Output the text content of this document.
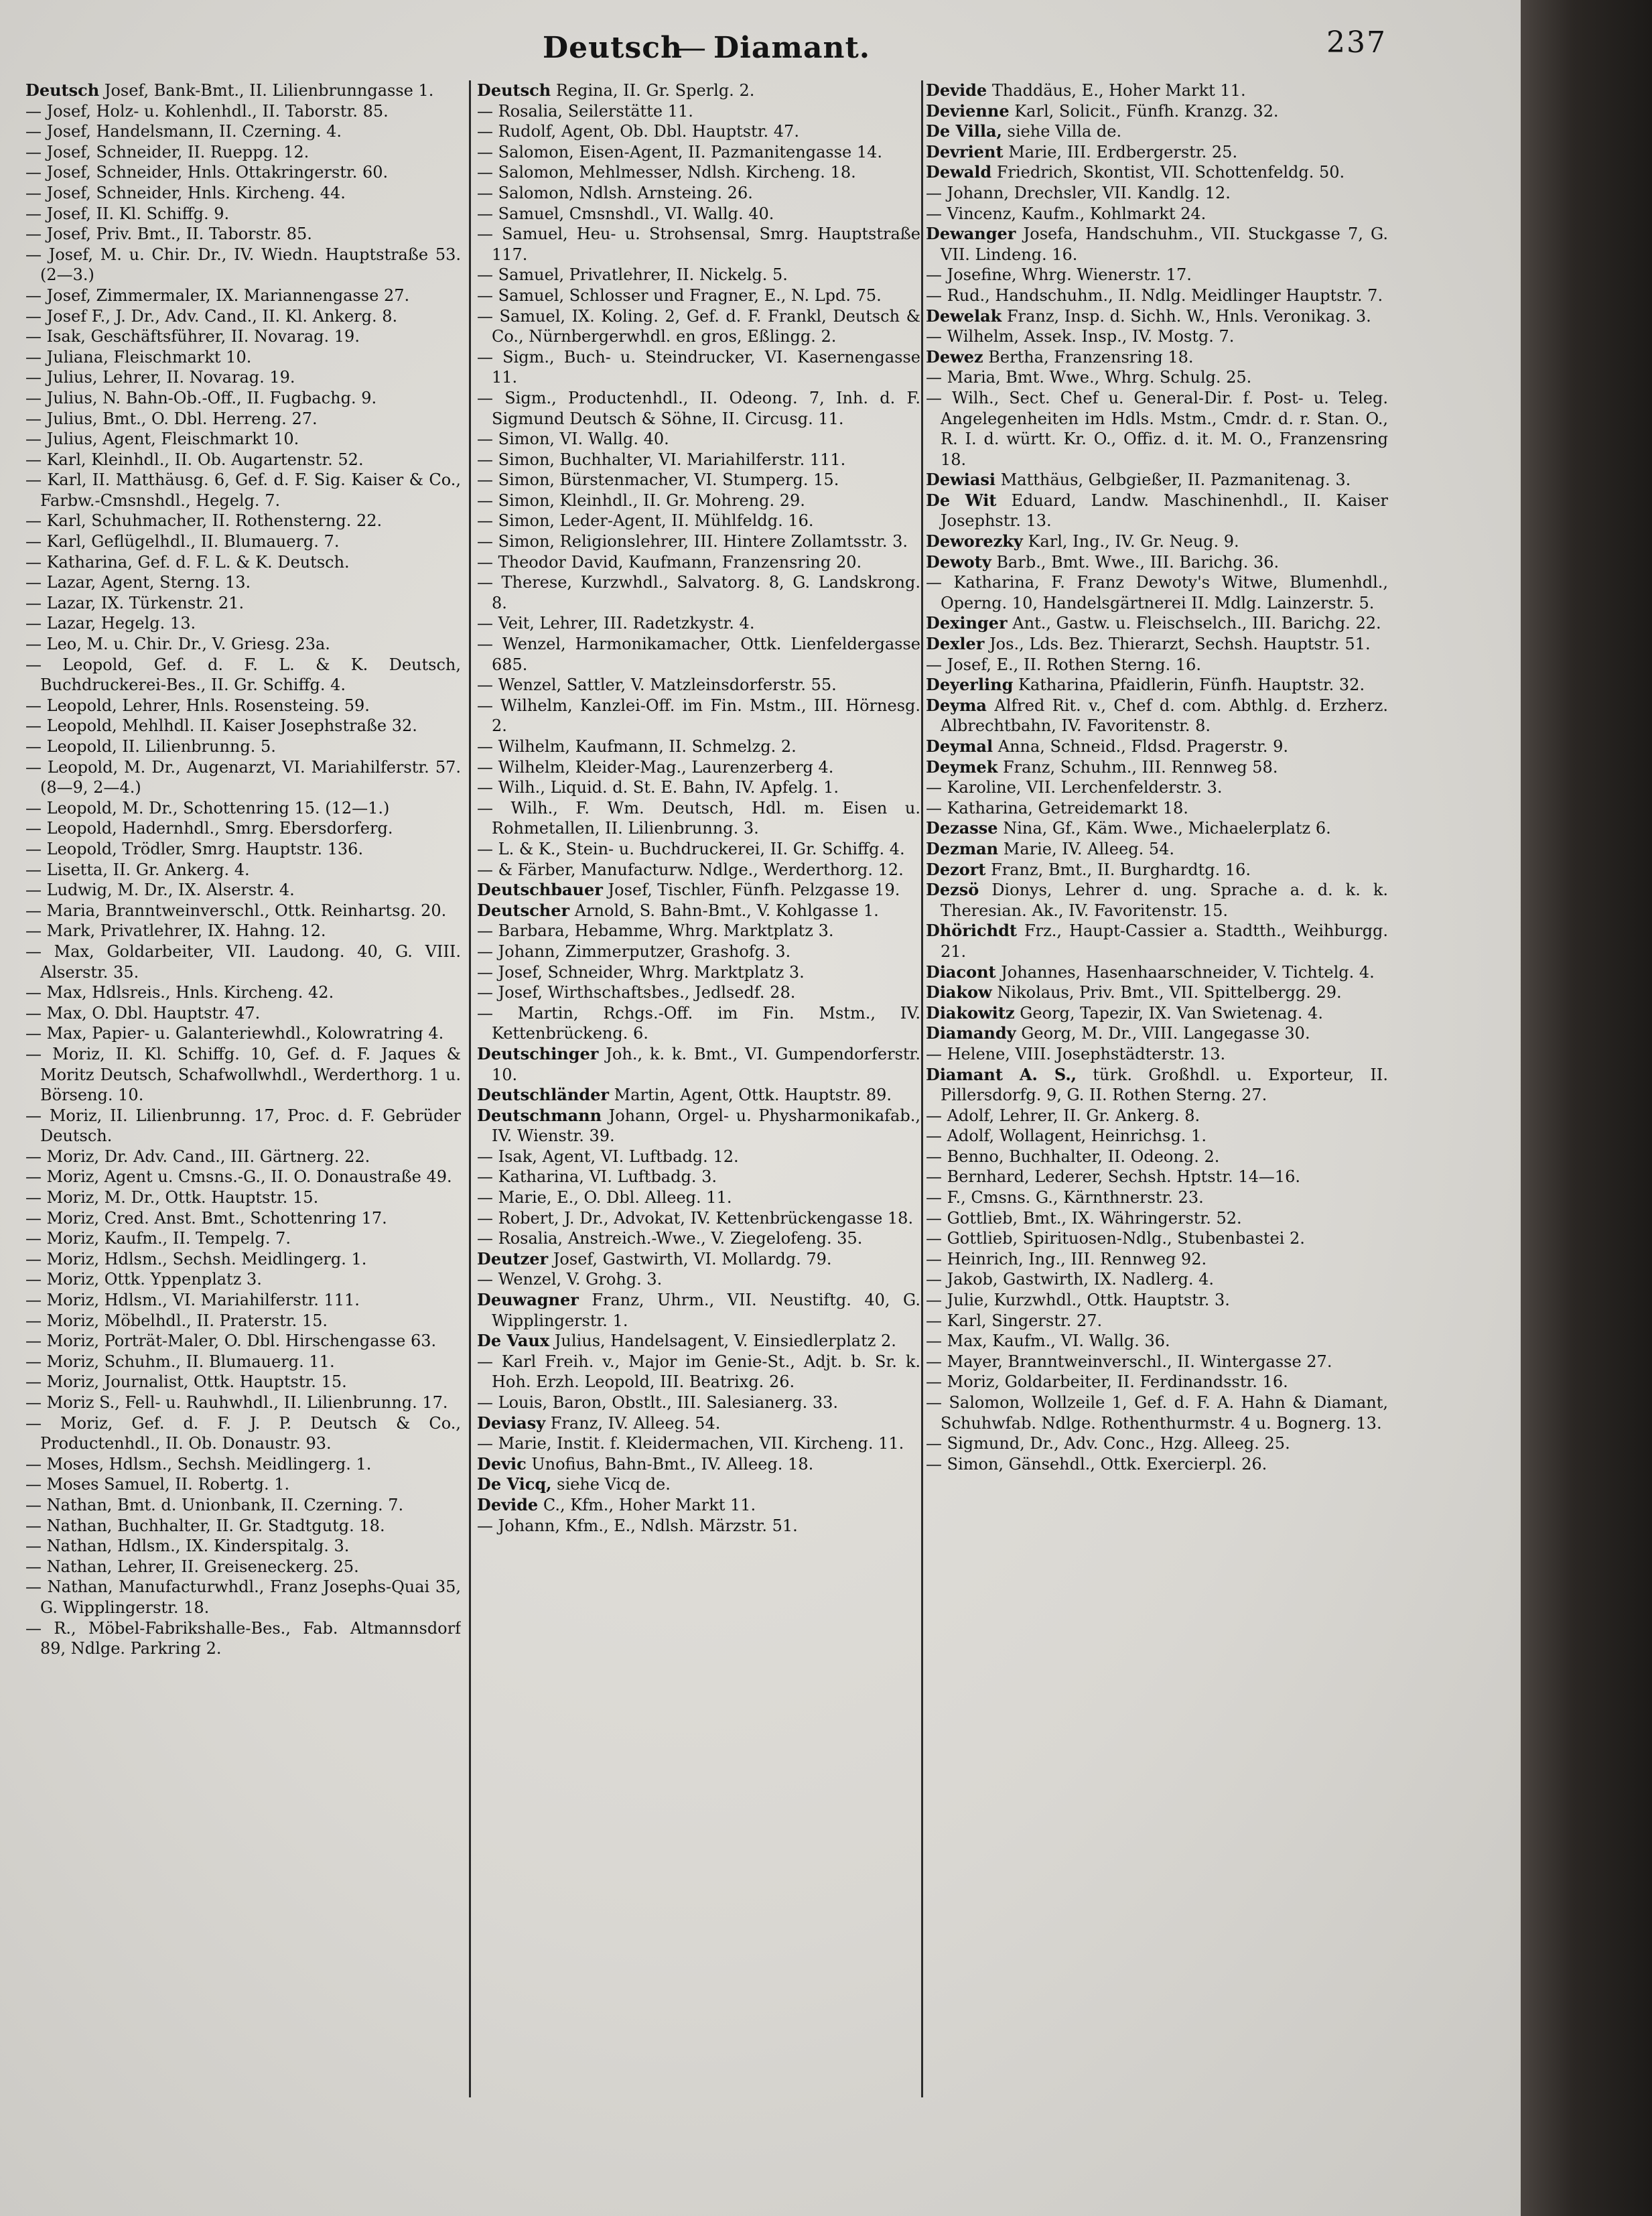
Deutsch
— Diamant.	237

Deutsch Josef, Bank-Bmt., II. Lilienbrunngasse 1.

— Josef, Holz- u. Kohlenhdl., II. Taborstr. 85.

— Josef, Handelsmann, II. Czerning. 4.

— Josef, Schneider, II. Rueppg. 12.

— Josef, Schneider, Hnls. Ottakringerstr. 60.

— Josef, Schneider, Hnls. Kircheng. 44.

— Josef, II. Kl. Schiffg. 9.

— Josef, Priv. Bmt., II. Taborstr. 85.

— Josef, M. u. Chir. Dr., IV. Wiedn. Hauptstraße 53. (2—3.)

— Josef, Zimmermaler, IX. Mariannengasse 27.

— Josef F., J. Dr., Adv. Cand., II. Kl. Ankerg. 8.

— Isak, Geschäftsführer, II. Novarag. 19.

— Juliana, Fleischmarkt 10.

— Julius, Lehrer, II. Novarag. 19.

— Julius, N. Bahn-Ob.-Off., II. Fugbachg. 9.

— Julius, Bmt., O. Dbl. Herreng. 27.

— Julius, Agent, Fleischmarkt 10.

— Karl, Kleinhdl., II. Ob. Augartenstr. 52.

— Karl, II. Matthäusg. 6, Gef. d. F. Sig. Kaiser & Co., Farbw.-Cmsnshdl., Hegelg. 7.

— Karl, Schuhmacher, II. Rothensterng. 22.

— Karl, Geflügelhdl., II. Blumauerg. 7.

— Katharina, Gef. d. F. L. & K. Deutsch.

— Lazar, Agent, Sterng. 13.

— Lazar, IX. Türkenstr. 21.

— Lazar, Hegelg. 13.

— Leo, M. u. Chir. Dr., V. Griesg. 23a.

— Leopold, Gef. d. F. L. & K. Deutsch, Buchdruckerei-Bes., II. Gr. Schiffg. 4.

— Leopold, Lehrer, Hnls. Rosensteing. 59.

— Leopold, Mehlhdl. II. Kaiser Josephstraße 32.

— Leopold, II. Lilienbrunng. 5.

— Leopold, M. Dr., Augenarzt, VI. Mariahilferstr. 57. (8—9, 2—4.)

— Leopold, M. Dr., Schottenring 15. (12—1.)

— Leopold, Hadernhdl., Smrg. Ebersdorferg.

— Leopold, Trödler, Smrg. Hauptstr. 136.

— Lisetta, II. Gr. Ankerg. 4.

— Ludwig, M. Dr., IX. Alserstr. 4.

— Maria, Branntweinverschl., Ottk. Reinhartsg. 20.

— Mark, Privatlehrer, IX. Hahng. 12.

— Max, Goldarbeiter, VII. Laudong. 40, G. VIII. Alserstr. 35.

— Max, Hdlsreis., Hnls. Kircheng. 42.

— Max, O. Dbl. Hauptstr. 47.

— Max, Papier- u. Galanteriewhdl., Kolowratring 4.

— Moriz, II. Kl. Schiffg. 10, Gef. d. F. Jaques & Moritz Deutsch, Schafwollwhdl., Werderthorg. 1 u. Börseng. 10.

— Moriz, II. Lilienbrunng. 17, Proc. d. F. Gebrüder Deutsch.

— Moriz, Dr. Adv. Cand., III. Gärtnerg. 22.

— Moriz, Agent u. Cmsns.-G., II. O. Donaustraße 49.

— Moriz, M. Dr., Ottk. Hauptstr. 15.

— Moriz, Cred. Anst. Bmt., Schottenring 17.

— Moriz, Kaufm., II. Tempelg. 7.

— Moriz, Hdlsm., Sechsh. Meidlingerg. 1.

— Moriz, Ottk. Yppenplatz 3.

— Moriz, Hdlsm., VI. Mariahilferstr. 111.

— Moriz, Möbelhdl., II. Praterstr. 15.

— Moriz, Porträt-Maler, O. Dbl. Hirschengasse 63.

— Moriz, Schuhm., II. Blumauerg. 11.

— Moriz, Journalist, Ottk. Hauptstr. 15.

— Moriz S., Fell- u. Rauhwhdl., II. Lilienbrunng. 17.

— Moriz, Gef. d. F. J. P. Deutsch & Co., Productenhdl., II. Ob. Donaustr. 93.

— Moses, Hdlsm., Sechsh. Meidlingerg. 1.

— Moses Samuel, II. Robertg. 1.

— Nathan, Bmt. d. Unionbank, II. Czerning. 7.

— Nathan, Buchhalter, II. Gr. Stadtgutg. 18.

— Nathan, Hdlsm., IX. Kinderspitalg. 3.

— Nathan, Lehrer, II. Greiseneckerg. 25.

— Nathan, Manufacturwhdl., Franz Josephs-Quai 35, G. Wipplingerstr. 18.

— R., Möbel-Fabrikshalle-Bes., Fab. Altmannsdorf 89, Ndlge. Parkring 2.

Deutsch Regina, II. Gr. Sperlg. 2.

— Rosalia, Seilerstätte 11.

— Rudolf, Agent, Ob. Dbl. Hauptstr. 47.

— Salomon, Eisen-Agent, II. Pazmanitengasse 14.

— Salomon, Mehlmesser, Ndlsh. Kircheng. 18.

— Salomon, Ndlsh. Arnsteing. 26.

— Samuel, Cmsnshdl., VI. Wallg. 40.

— Samuel, Heu- u. Strohsensal, Smrg. Hauptstraße 117.

— Samuel, Privatlehrer, II. Nickelg. 5.

— Samuel, Schlosser und Fragner, E., N. Lpd. 75.

— Samuel, IX. Koling. 2, Gef. d. F. Frankl, Deutsch & Co., Nürnbergerwhdl. en gros, Eßlingg. 2.

— Sigm., Buch- u. Steindrucker, VI. Kasernengasse 11.

— Sigm., Productenhdl., II. Odeong. 7, Inh. d. F. Sigmund Deutsch & Söhne, II. Circusg. 11.

— Simon, VI. Wallg. 40.

— Simon, Buchhalter, VI. Mariahilferstr. 111.

— Simon, Bürstenmacher, VI. Stumperg. 15.

— Simon, Kleinhdl., II. Gr. Mohreng. 29.

— Simon, Leder-Agent, II. Mühlfeldg. 16.

— Simon, Religionslehrer, III. Hintere Zollamtsstr. 3.

— Theodor David, Kaufmann, Franzensring 20.

— Therese, Kurzwhdl., Salvatorg. 8, G. Landskrong. 8.

— Veit, Lehrer, III. Radetzkystr. 4.

— Wenzel, Harmonikamacher, Ottk. Lienfeldergasse 685.

— Wenzel, Sattler, V. Matzleinsdorferstr. 55.

— Wilhelm, Kanzlei-Off. im Fin. Mstm., III. Hörnesg. 2.

— Wilhelm, Kaufmann, II. Schmelzg. 2.

— Wilhelm, Kleider-Mag., Laurenzerberg 4.

— Wilh., Liquid. d. St. E. Bahn, IV. Apfelg. 1.

— Wilh., F. Wm. Deutsch, Hdl. m. Eisen u. Rohmetallen, II. Lilienbrunng. 3.

— L. & K., Stein- u. Buchdruckerei, II. Gr. Schiffg. 4.

— & Färber, Manufacturw. Ndlge., Werderthorg. 12.

Deutschbauer Josef, Tischler, Fünfh. Pelzgasse 19.

Deutscher Arnold, S. Bahn-Bmt., V. Kohlgasse 1.

— Barbara, Hebamme, Whrg. Marktplatz 3.

— Johann, Zimmerputzer, Grashofg. 3.

— Josef, Schneider, Whrg. Marktplatz 3.

— Josef, Wirthschaftsbes., Jedlsedf. 28.

— Martin, Rchgs.-Off. im Fin. Mstm., IV. Kettenbrückeng. 6.

Deutschinger Joh., k. k. Bmt., VI. Gumpendorferstr. 10.

Deutschländer Martin, Agent, Ottk. Hauptstr. 89.

Deutschmann Johann, Orgel- u. Physharmonikafab., IV. Wienstr. 39.

— Isak, Agent, VI. Luftbadg. 12.

— Katharina, VI. Luftbadg. 3.

— Marie, E., O. Dbl. Alleeg. 11.

— Robert, J. Dr., Advokat, IV. Kettenbrückengasse 18.

— Rosalia, Anstreich.-Wwe., V. Ziegelofeng. 35.

Deutzer Josef, Gastwirth, VI. Mollardg. 79.

— Wenzel, V. Grohg. 3.

Deuwagner Franz, Uhrm., VII. Neustiftg. 40, G. Wipplingerstr. 1.

De Vaux Julius, Handelsagent, V. Einsiedlerplatz 2.

— Karl Freih. v., Major im Genie-St., Adjt. b. Sr. k. Hoh. Erzh. Leopold, III. Beatrixg. 26.

— Louis, Baron, Obstlt., III. Salesianerg. 33.

Deviasy Franz, IV. Alleeg. 54.

— Marie, Instit. f. Kleidermachen, VII. Kircheng. 11.

Devic Unofius, Bahn-Bmt., IV. Alleeg. 18.

De Vicq, siehe Vicq de.

Devide C., Kfm., Hoher Markt 11.

— Johann, Kfm., E., Ndlsh. Märzstr. 51.

Devide Thaddäus, E., Hoher Markt 11.

Devienne Karl, Solicit., Fünfh. Kranzg. 32.

De Villa, siehe Villa de.

Devrient Marie, III. Erdbergerstr. 25.

Dewald Friedrich, Skontist, VII. Schottenfeldg. 50.

— Johann, Drechsler, VII. Kandlg. 12.

— Vincenz, Kaufm., Kohlmarkt 24.

Dewanger Josefa, Handschuhm., VII. Stuckgasse 7, G. VII. Lindeng. 16.

— Josefine, Whrg. Wienerstr. 17.

— Rud., Handschuhm., II. Ndlg. Meidlinger Hauptstr. 7.

Dewelak Franz, Insp. d. Sichh. W., Hnls. Veronikag. 3.

— Wilhelm, Assek. Insp., IV. Mostg. 7.

Dewez Bertha, Franzensring 18.

— Maria, Bmt. Wwe., Whrg. Schulg. 25.

— Wilh., Sect. Chef u. General-Dir. f. Post- u. Teleg. Angelegenheiten im Hdls. Mstm., Cmdr. d. r. Stan. O., R. I. d. württ. Kr. O., Offiz. d. it. M. O., Franzensring 18.

Dewiasi Matthäus, Gelbgießer, II. Pazmanitenag. 3.

De Wit Eduard, Landw. Maschinenhdl., II. Kaiser Josephstr. 13.

Deworezky Karl, Ing., IV. Gr. Neug. 9.

Dewoty Barb., Bmt. Wwe., III. Barichg. 36.

— Katharina, F. Franz Dewoty's Witwe, Blumenhdl., Operng. 10, Handelsgärtnerei II. Mdlg. Lainzerstr. 5.

Dexinger Ant., Gastw. u. Fleischselch., III. Barichg. 22.

Dexler Jos., Lds. Bez. Thierarzt, Sechsh. Hauptstr. 51.

— Josef, E., II. Rothen Sterng. 16.

Deyerling Katharina, Pfaidlerin, Fünfh. Hauptstr. 32.

Deyma Alfred Rit. v., Chef d. com. Abthlg. d. Erzherz. Albrechtbahn, IV. Favoritenstr. 8.

Deymal Anna, Schneid., Fldsd. Pragerstr. 9.

Deymek Franz, Schuhm., III. Rennweg 58.

— Karoline, VII. Lerchenfelderstr. 3.

— Katharina, Getreidemarkt 18.

Dezasse Nina, Gf., Käm. Wwe., Michaelerplatz 6.

Dezman Marie, IV. Alleeg. 54.

Dezort Franz, Bmt., II. Burghardtg. 16.

Dezsö Dionys, Lehrer d. ung. Sprache a. d. k. k. Theresian. Ak., IV. Favoritenstr. 15.

Dhörichdt Frz., Haupt-Cassier a. Stadtth., Weihburgg. 21.

Diacont Johannes, Hasenhaarschneider, V. Tichtelg. 4.

Diakow Nikolaus, Priv. Bmt., VII. Spittelbergg. 29.

Diakowitz Georg, Tapezir, IX. Van Swietenag. 4.

Diamandy Georg, M. Dr., VIII. Langegasse 30.

— Helene, VIII. Josephstädterstr. 13.

Diamant A. S., türk. Großhdl. u. Exporteur, II. Pillersdorfg. 9, G. II. Rothen Sterng. 27.

— Adolf, Lehrer, II. Gr. Ankerg. 8.

— Adolf, Wollagent, Heinrichsg. 1.

— Benno, Buchhalter, II. Odeong. 2.

— Bernhard, Lederer, Sechsh. Hptstr. 14—16.

— F., Cmsns. G., Kärnthnerstr. 23.

— Gottlieb, Bmt., IX. Währingerstr. 52.

— Gottlieb, Spirituosen-Ndlg., Stubenbastei 2.

— Heinrich, Ing., III. Rennweg 92.

— Jakob, Gastwirth, IX. Nadlerg. 4.

— Julie, Kurzwhdl., Ottk. Hauptstr. 3.

— Karl, Singerstr. 27.

— Max, Kaufm., VI. Wallg. 36.

— Mayer, Branntweinverschl., II. Wintergasse 27.

— Moriz, Goldarbeiter, II. Ferdinandsstr. 16.

— Salomon, Wollzeile 1, Gef. d. F. A. Hahn & Diamant, Schuhwfab. Ndlge. Rothenthurmstr. 4 u. Bognerg. 13.

— Sigmund, Dr., Adv. Conc., Hzg. Alleeg. 25.

— Simon, Gänsehdl., Ottk. Exercierpl. 26.
